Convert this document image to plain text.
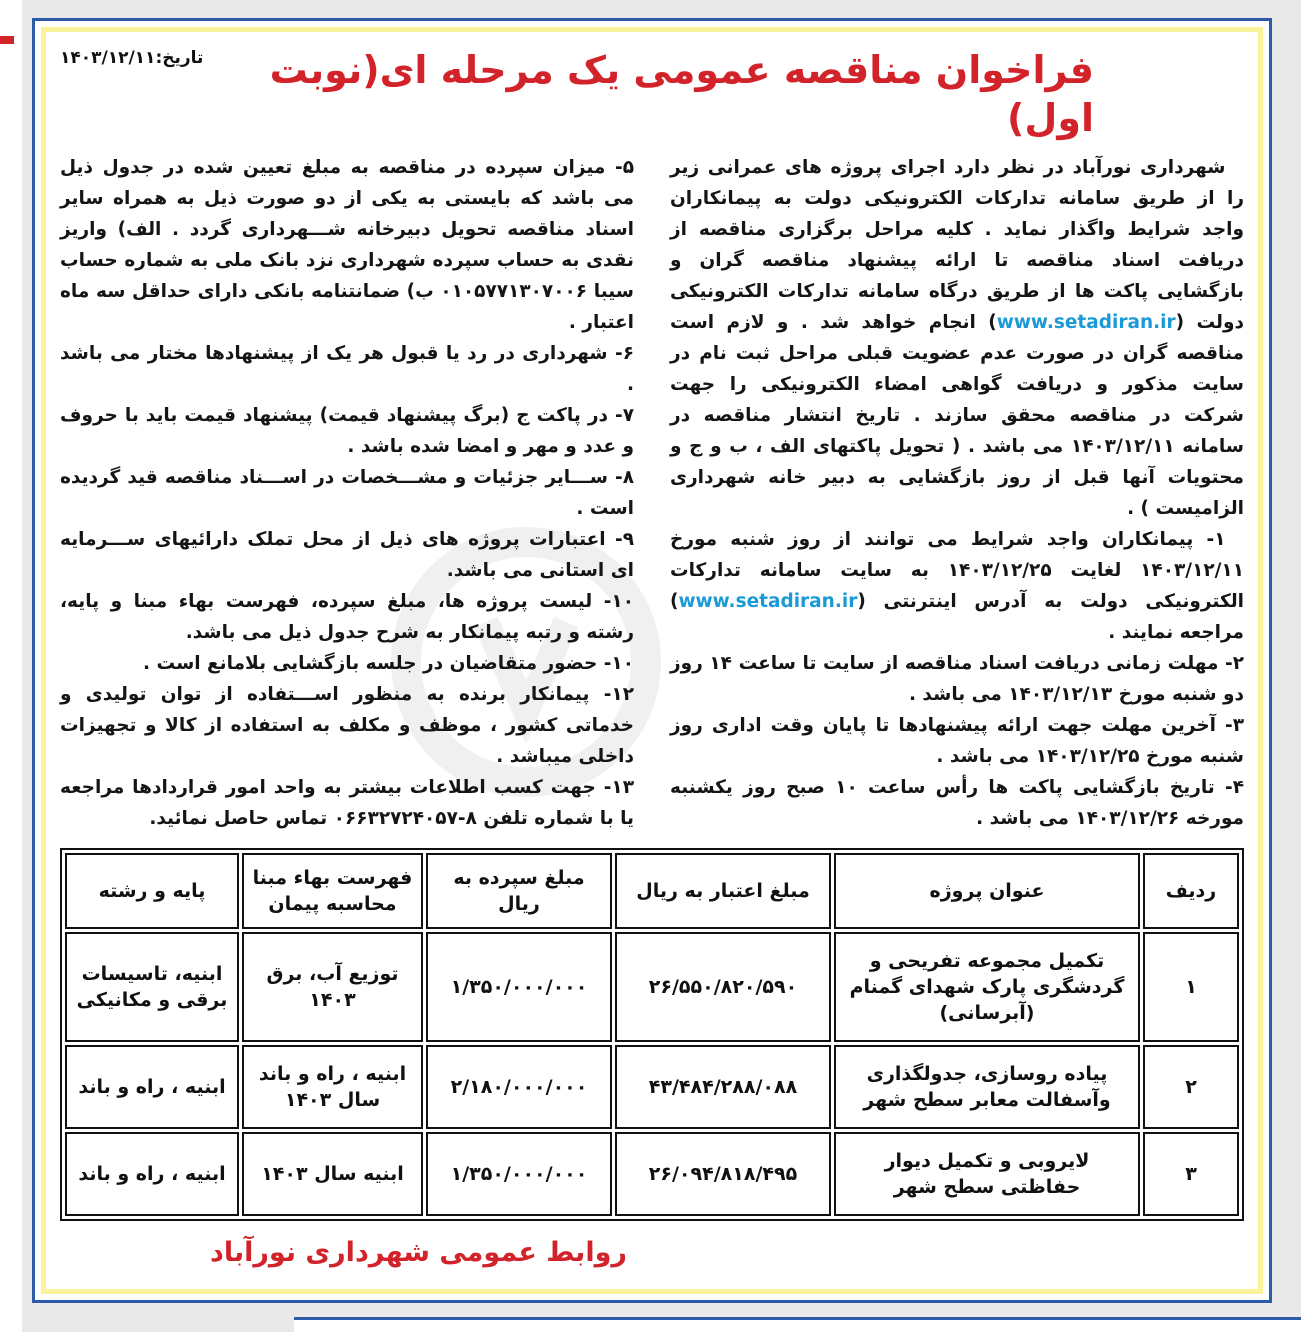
فراخوان مناقصه عمومی یک مرحله ای(نوبت اول)
تاریخ:۱۴۰۳/۱۲/۱۱

 شهرداری نورآباد در نظر دارد اجرای پروژه های عمرانی زیر را از طریق سامانه تدارکات الکترونیکی دولت به پیمانکاران واجد شرایط واگذار نماید . کلیه مراحل برگزاری مناقصه از دریافت اسناد مناقصه تا ارائه پیشنهاد مناقصه گران و بازگشایی پاکت ها از طریق درگاه سامانه تدارکات الکترونیکی دولت (www.setadiran.ir) انجام خواهد شد . و لازم است مناقصه گران در صورت عدم عضویت قبلی مراحل ثبت نام در سایت مذکور و دریافت گواهی امضاء الکترونیکی را جهت شرکت در مناقصه محقق سازند . تاریخ انتشار مناقصه در سامانه ۱۴۰۳/۱۲/۱۱ می باشد . ( تحویل پاکتهای الف ، ب و ج و محتویات آنها قبل از روز بازگشایی به دبیر خانه شهرداری الزامیست ) .

 ۱- پیمانکاران واجد شرایط می توانند از روز شنبه مورخ ۱۴۰۳/۱۲/۱۱ لغایت ۱۴۰۳/۱۲/۲۵ به سایت سامانه تدارکات الکترونیکی دولت به آدرس اینترنتی (www.setadiran.ir) مراجعه نمایند .

۲- مهلت زمانی دریافت اسناد مناقصه از سایت تا ساعت ۱۴ روز دو شنبه مورخ ۱۴۰۳/۱۲/۱۳ می باشد .

۳- آخرین مهلت جهت ارائه پیشنهادها تا پایان وقت اداری روز شنبه مورخ ۱۴۰۳/۱۲/۲۵ می باشد .

۴- تاریخ بازگشایی پاکت ها رأس ساعت ۱۰ صبح روز یکشنبه مورخه ۱۴۰۳/۱۲/۲۶ می باشد .

۵- میزان سپرده در مناقصه به مبلغ تعیین شده در جدول ذیل می باشد که بایستی به یکی از دو صورت ذیل به همراه سایر اسناد مناقصه تحویل دبیرخانه شـــهرداری گردد . الف) واریز نقدی به حساب سپرده شهرداری نزد بانک ملی به شماره حساب سیبا ۰۱۰۵۷۷۱۳۰۷۰۰۶ ب) ضمانتنامه بانکی دارای حداقل سه ماه اعتبار .

۶- شهرداری در رد یا قبول هر یک از پیشنهادها مختار می باشد .

۷- در پاکت ج (برگ پیشنهاد قیمت) پیشنهاد قیمت باید با حروف و عدد و مهر و امضا شده باشد .

۸- ســـایر جزئیات و مشـــخصات در اســـناد مناقصه قید گردیده است .

۹- اعتبارات پروژه های ذیل از محل تملک دارائیهای ســـرمایه ای استانی می باشد.

۱۰- لیست پروژه ها، مبلغ سپرده، فهرست بهاء مبنا و پایه، رشته و رتبه پیمانکار به شرح جدول ذیل می باشد.

۱۰- حضور متقاضیان در جلسه بازگشایی بلامانع است .

۱۲- پیمانکار برنده به منظور اســـتفاده از توان تولیدی و خدماتی کشور ، موظف و مکلف به استفاده از کالا و تجهیزات داخلی میباشد .

۱۳- جهت کسب اطلاعات بیشتر به واحد امور قراردادها مراجعه یا با شماره تلفن ۸-۰۶۶۳۲۷۲۴۰۵۷ تماس حاصل نمائید.

ردیف	عنوان پروژه	مبلغ اعتبار به ریال	مبلغ سپرده به ریال	فهرست بهاء مبنا محاسبه پیمان	پایه و رشته
۱	تکمیل مجموعه تفریحی و گردشگری پارک شهدای گمنام (آبرسانی)	۲۶/۵۵۰/۸۲۰/۵۹۰	۱/۳۵۰/۰۰۰/۰۰۰	توزیع آب، برق ۱۴۰۳	ابنیه، تاسیسات برقی و مکانیکی
۲	پیاده روسازی، جدولگذاری وآسفالت معابر سطح شهر	۴۳/۴۸۴/۲۸۸/۰۸۸	۲/۱۸۰/۰۰۰/۰۰۰	ابنیه ، راه و باند سال ۱۴۰۳	ابنیه ، راه و باند
۳	لایروبی و تکمیل دیوار حفاظتی سطح شهر	۲۶/۰۹۴/۸۱۸/۴۹۵	۱/۳۵۰/۰۰۰/۰۰۰	ابنیه سال ۱۴۰۳	ابنیه ، راه و باند
روابط عمومی شهرداری نورآباد
